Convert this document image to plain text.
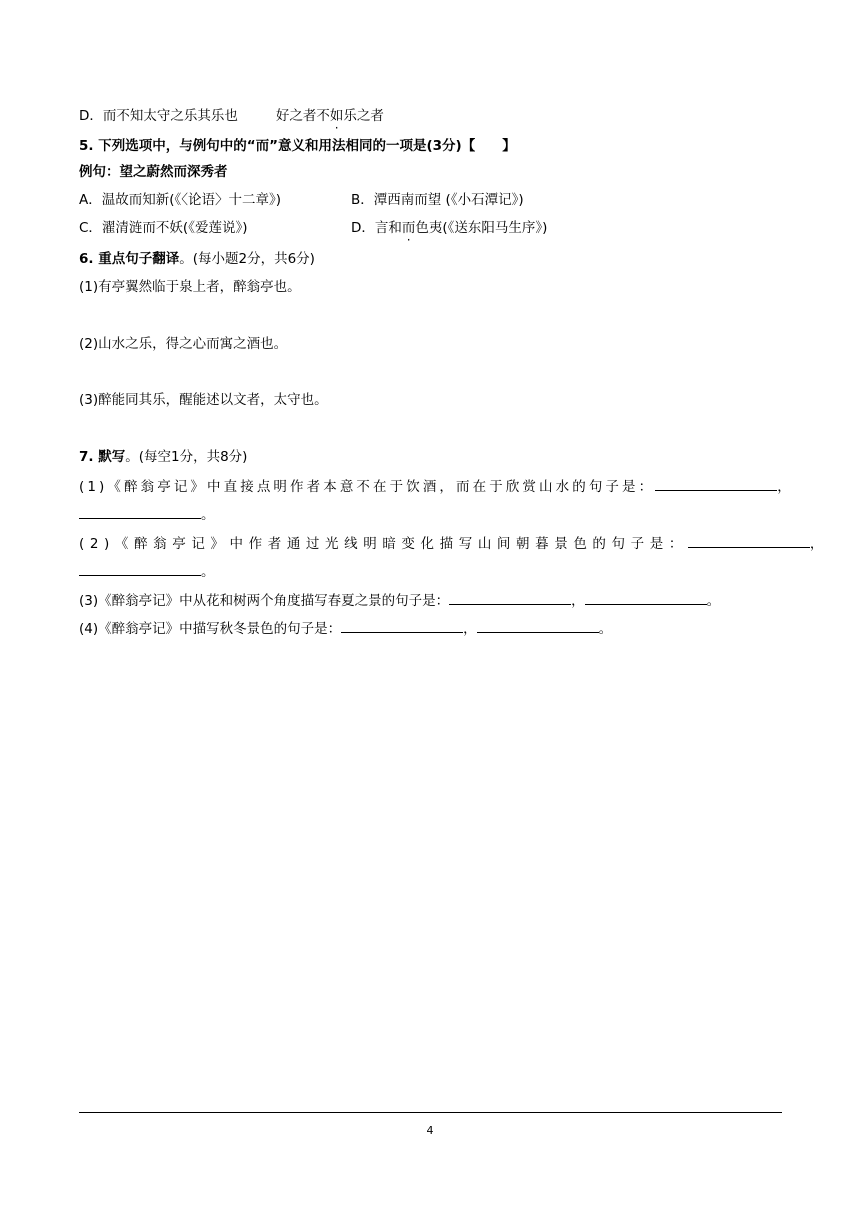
D．而不知太守之乐其乐也	好之者不如乐之者
5. 下列选项中，与例句中的“而”意义和用法相同的一项是(3分)【　　】
例句：望之蔚然而深秀者
A．温故而知新(《〈论语〉十二章》)	B．潭西南而望 (《小石潭记》)
C．濯清涟而不妖(《爱莲说》)	D．言和而色夷(《送东阳马生序》)
6. 重点句子翻译。(每小题2分，共6分)
(1)有亭翼然临于泉上者，醉翁亭也。
(2)山水之乐，得之心而寓之酒也。
(3)醉能同其乐，醒能述以文者，太守也。
7. 默写。(每空1分，共8分)
(1)《醉翁亭记》中直接点明作者本意不在于饮酒，而在于欣赏山水的句子是：	，
。
(2)《醉翁亭记》中作者通过光线明暗变化描写山间朝暮景色的句子是：	，
。
(3)《醉翁亭记》中从花和树两个角度描写春夏之景的句子是：	，	。
(4)《醉翁亭记》中描写秋冬景色的句子是：	，	。
4
